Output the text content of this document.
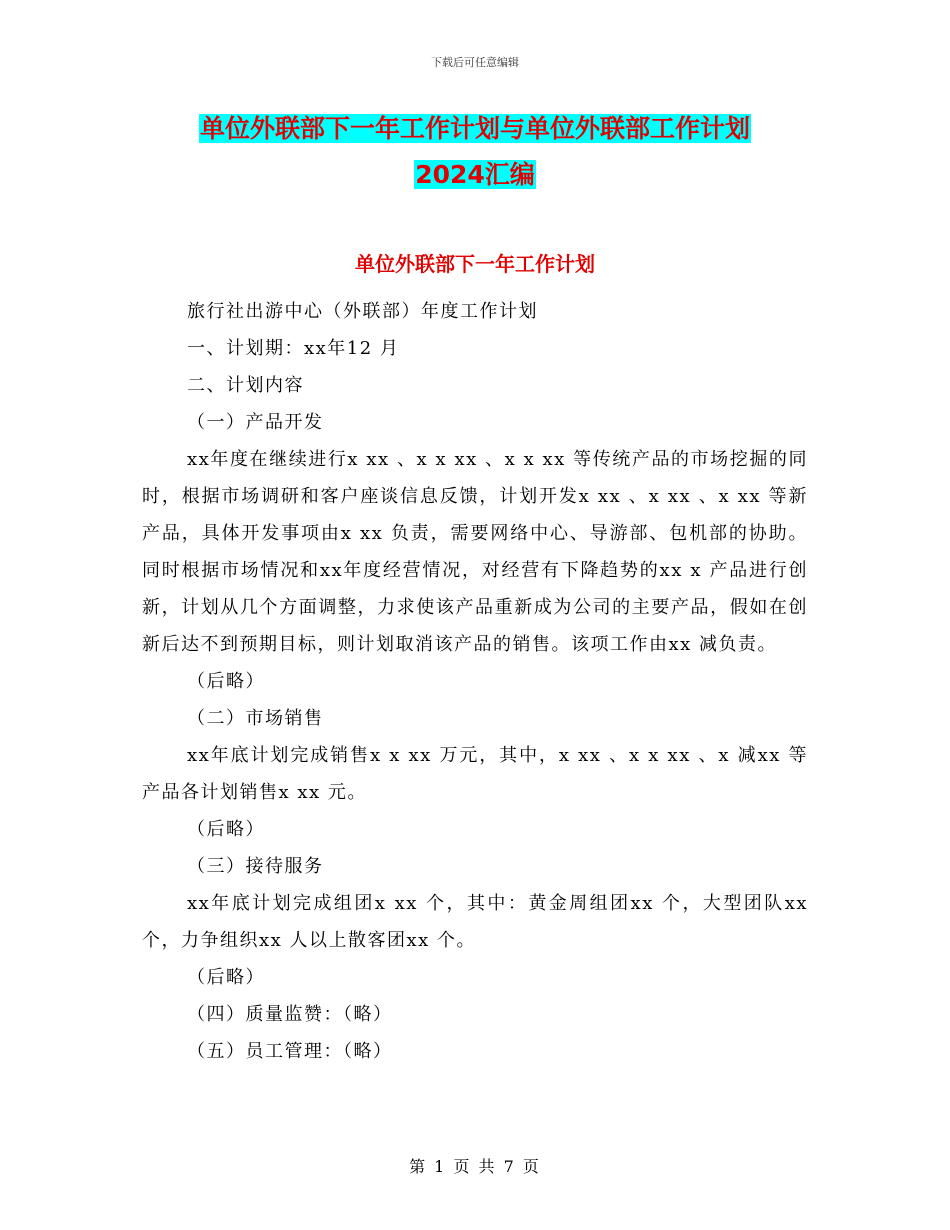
下载后可任意编辑
单位外联部下一年工作计划与单位外联部工作计划
2024汇编
单位外联部下一年工作计划

旅行社出游中心（外联部）年度工作计划

一、计划期：xx年12 月

二、计划内容

（一）产品开发

xx年度在继续进行x xx 、x x xx 、x x xx 等传统产品的市场挖掘的同时，根据市场调研和客户座谈信息反馈，计划开发x xx 、x xx 、x xx 等新产品，具体开发事项由x xx 负责，需要网络中心、导游部、包机部的协助。同时根据市场情况和xx年度经营情况，对经营有下降趋势的xx x 产品进行创新，计划从几个方面调整，力求使该产品重新成为公司的主要产品，假如在创新后达不到预期目标，则计划取消该产品的销售。该项工作由xx 减负责。

（后略）

（二）市场销售

xx年底计划完成销售x x xx 万元，其中，x xx 、x x xx 、x 减xx 等产品各计划销售x xx 元。

（后略）

（三）接待服务

xx年底计划完成组团x xx 个，其中：黄金周组团xx 个，大型团队xx 个，力争组织xx 人以上散客团xx 个。

（后略）

（四）质量监赞：（略）

（五）员工管理：（略）

第 1 页 共 7 页
